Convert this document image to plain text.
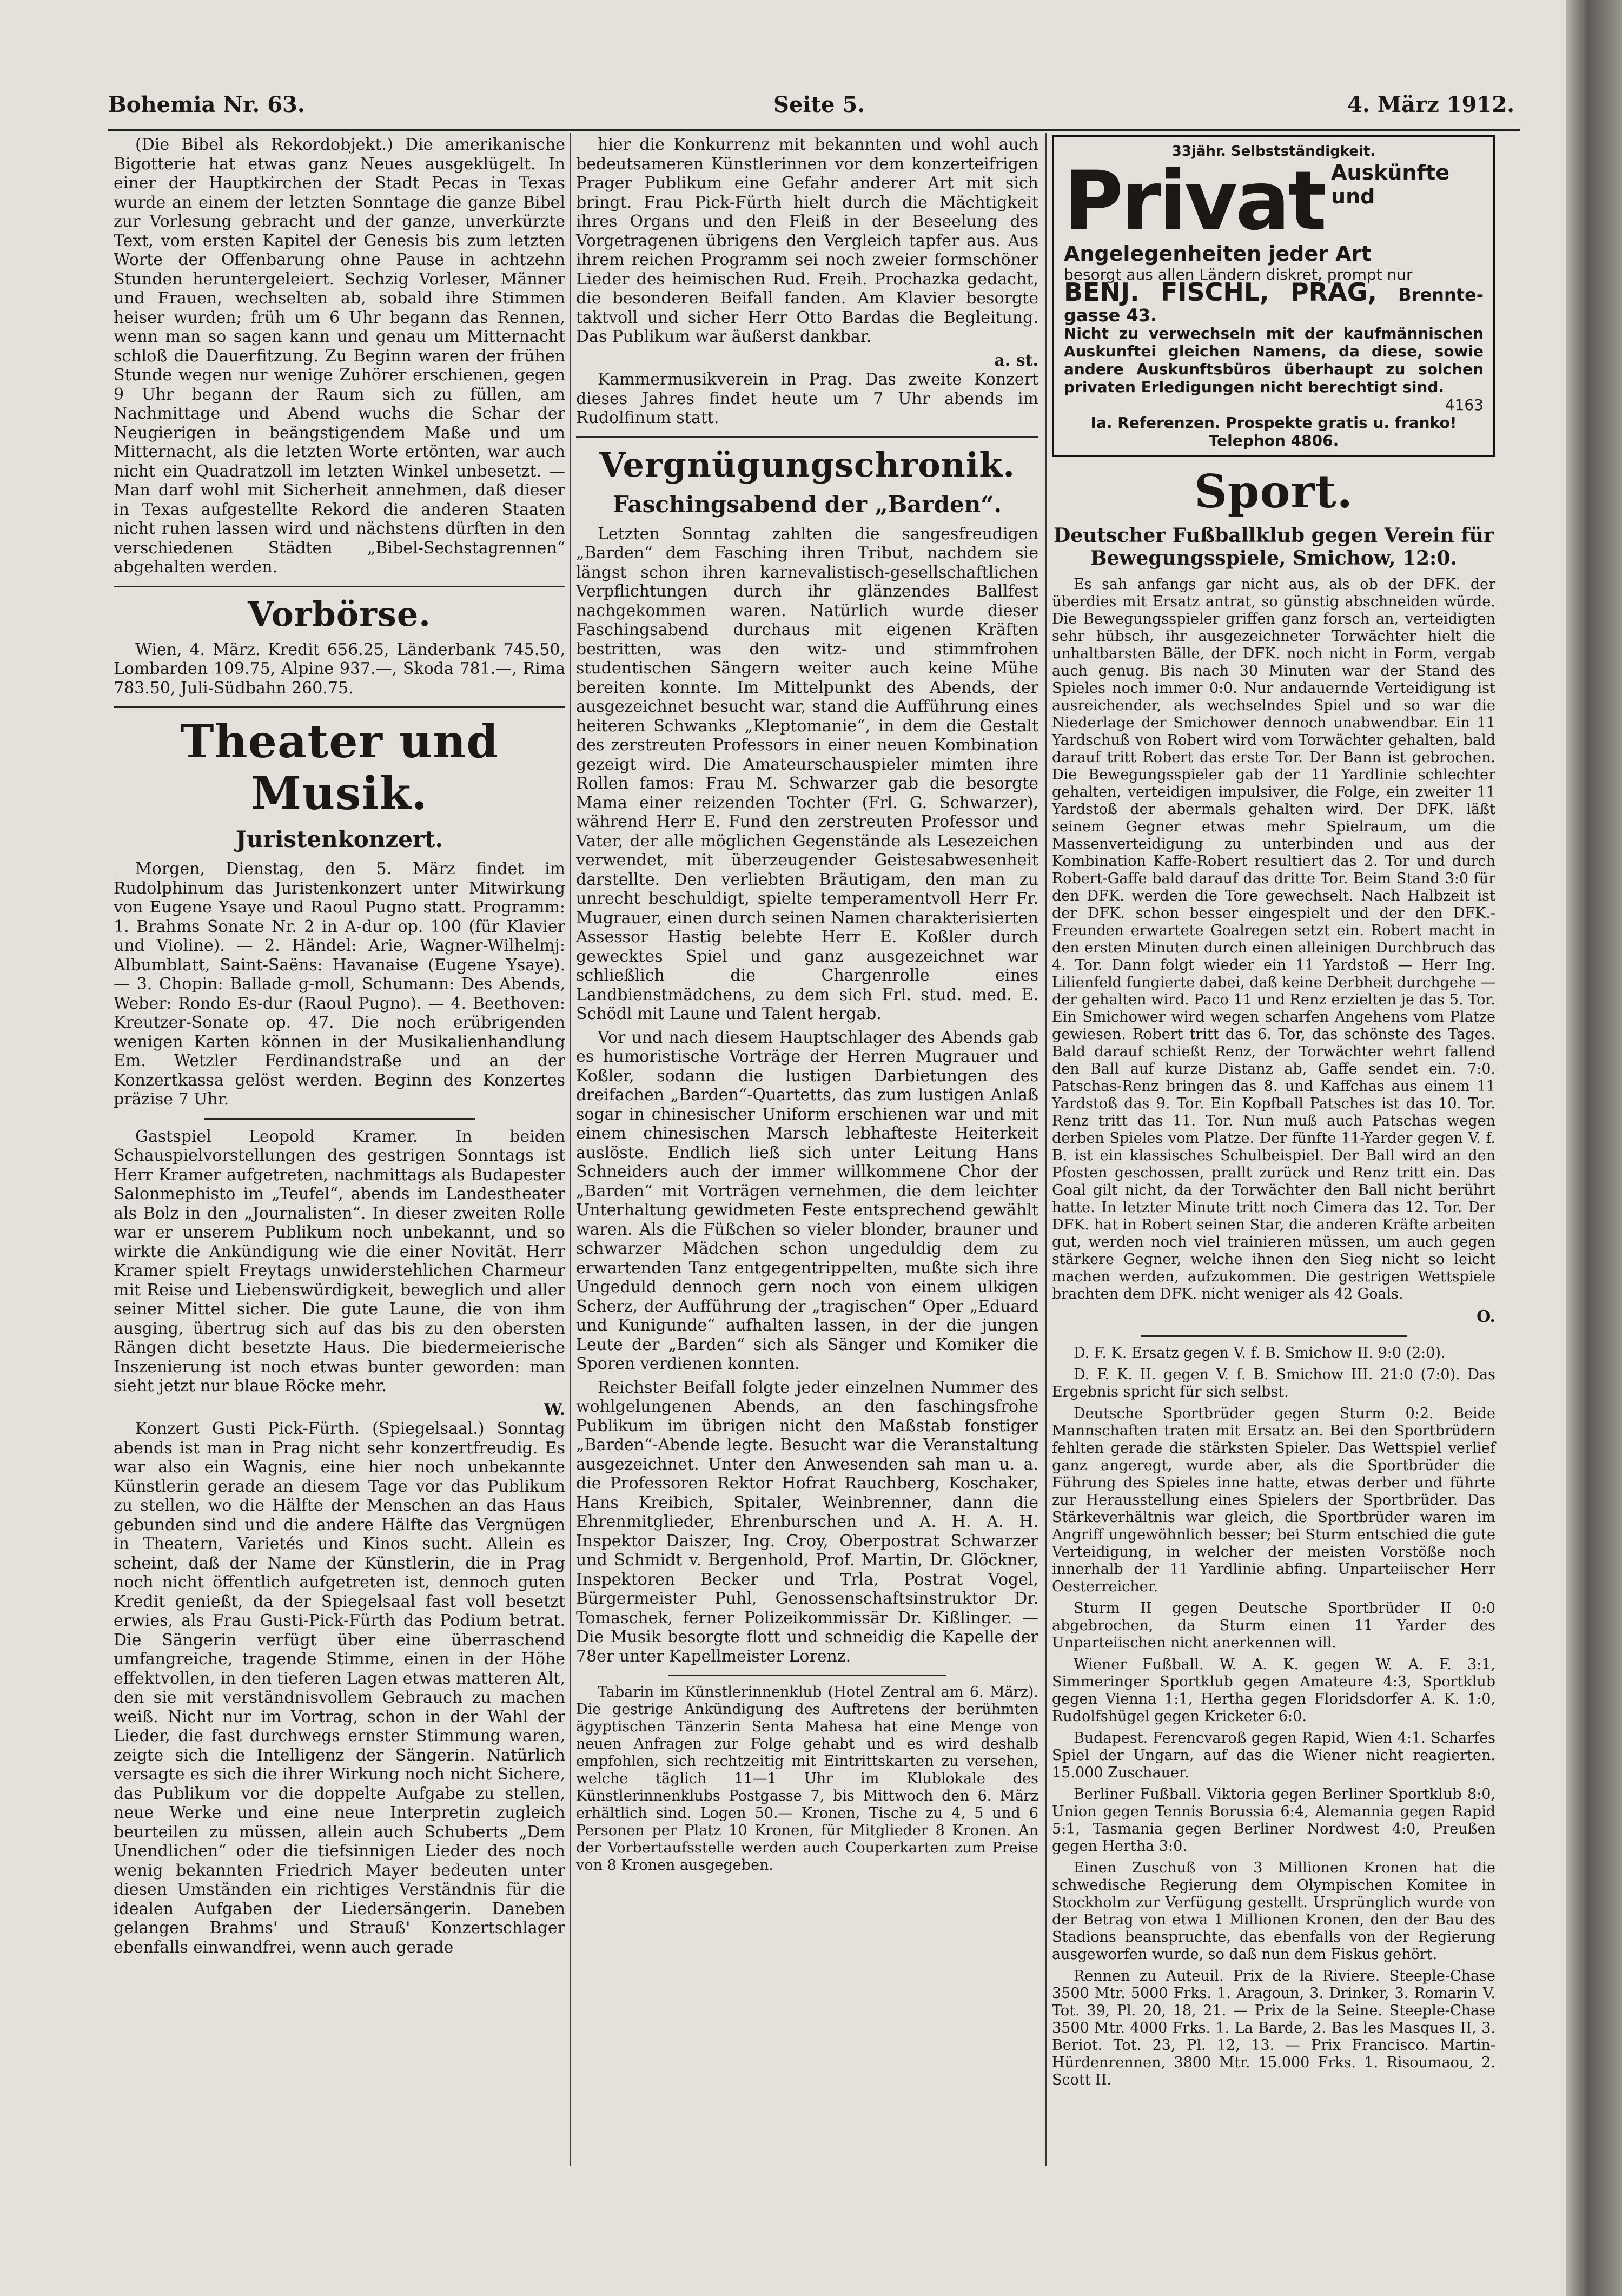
Bohemia Nr. 63.	Seite 5.	4. März 1912.

(Die Bibel als Rekordobjekt.) Die amerikanische Bigotterie hat etwas ganz Neues ausgeklügelt. In einer der Hauptkirchen der Stadt Pecas in Texas wurde an einem der letzten Sonntage die ganze Bibel zur Vorlesung gebracht und der ganze, unverkürzte Text, vom ersten Kapitel der Genesis bis zum letzten Worte der Offenbarung ohne Pause in achtzehn Stunden heruntergeleiert. Sechzig Vorleser, Männer und Frauen, wechselten ab, sobald ihre Stimmen heiser wurden; früh um 6 Uhr begann das Rennen, wenn man so sagen kann und genau um Mitternacht schloß die Dauerfitzung. Zu Beginn waren der frühen Stunde wegen nur wenige Zuhörer erschienen, gegen 9 Uhr begann der Raum sich zu füllen, am Nachmittage und Abend wuchs die Schar der Neugierigen in beängstigendem Maße und um Mitternacht, als die letzten Worte ertönten, war auch nicht ein Quadratzoll im letzten Winkel unbesetzt. — Man darf wohl mit Sicherheit annehmen, daß dieser in Texas aufgestellte Rekord die anderen Staaten nicht ruhen lassen wird und nächstens dürften in den verschiedenen Städten „Bibel-Sechstagrennen“ abgehalten werden.

Vorbörse.

Wien, 4. März. Kredit 656.25, Länderbank 745.50, Lombarden 109.75, Alpine 937.—, Skoda 781.—, Rima 783.50, Juli-Südbahn 260.75.

Theater und Musik.
Juristenkonzert.

Morgen, Dienstag, den 5. März findet im Rudolphinum das Juristenkonzert unter Mitwirkung von Eugene Ysaye und Raoul Pugno statt. Programm: 1. Brahms Sonate Nr. 2 in A-dur op. 100 (für Klavier und Violine). — 2. Händel: Arie, Wagner-Wilhelmj: Albumblatt, Saint-Saëns: Havanaise (Eugene Ysaye). — 3. Chopin: Ballade g-moll, Schumann: Des Abends, Weber: Rondo Es-dur (Raoul Pugno). — 4. Beethoven: Kreutzer-Sonate op. 47. Die noch erübrigenden wenigen Karten können in der Musikalienhandlung Em. Wetzler Ferdinandstraße und an der Konzertkassa gelöst werden. Beginn des Konzertes präzise 7 Uhr.

Gastspiel Leopold Kramer. In beiden Schauspielvorstellungen des gestrigen Sonntags ist Herr Kramer aufgetreten, nachmittags als Budapester Salonmephisto im „Teufel“, abends im Landestheater als Bolz in den „Journalisten“. In dieser zweiten Rolle war er unserem Publikum noch unbekannt, und so wirkte die Ankündigung wie die einer Novität. Herr Kramer spielt Freytags unwiderstehlichen Charmeur mit Reise und Liebenswürdigkeit, beweglich und aller seiner Mittel sicher. Die gute Laune, die von ihm ausging, übertrug sich auf das bis zu den obersten Rängen dicht besetzte Haus. Die biedermeierische Inszenierung ist noch etwas bunter geworden: man sieht jetzt nur blaue Röcke mehr.

W.

Konzert Gusti Pick-Fürth. (Spiegelsaal.) Sonntag abends ist man in Prag nicht sehr konzertfreudig. Es war also ein Wagnis, eine hier noch unbekannte Künstlerin gerade an diesem Tage vor das Publikum zu stellen, wo die Hälfte der Menschen an das Haus gebunden sind und die andere Hälfte das Vergnügen in Theatern, Varietés und Kinos sucht. Allein es scheint, daß der Name der Künstlerin, die in Prag noch nicht öffentlich aufgetreten ist, dennoch guten Kredit genießt, da der Spiegelsaal fast voll besetzt erwies, als Frau Gusti-Pick-Fürth das Podium betrat. Die Sängerin verfügt über eine überraschend umfangreiche, tragende Stimme, einen in der Höhe effektvollen, in den tieferen Lagen etwas matteren Alt, den sie mit verständnisvollem Gebrauch zu machen weiß. Nicht nur im Vortrag, schon in der Wahl der Lieder, die fast durchwegs ernster Stimmung waren, zeigte sich die Intelligenz der Sängerin. Natürlich versagte es sich die ihrer Wirkung noch nicht Sichere, das Publikum vor die doppelte Aufgabe zu stellen, neue Werke und eine neue Interpretin zugleich beurteilen zu müssen, allein auch Schuberts „Dem Unendlichen“ oder die tiefsinnigen Lieder des noch wenig bekannten Friedrich Mayer bedeuten unter diesen Umständen ein richtiges Verständnis für die idealen Aufgaben der Liedersängerin. Daneben gelangen Brahms' und Strauß' Konzertschlager ebenfalls einwandfrei, wenn auch gerade

hier die Konkurrenz mit bekannten und wohl auch bedeutsameren Künstlerinnen vor dem konzerteifrigen Prager Publikum eine Gefahr anderer Art mit sich bringt. Frau Pick-Fürth hielt durch die Mächtigkeit ihres Organs und den Fleiß in der Beseelung des Vorgetragenen übrigens den Vergleich tapfer aus. Aus ihrem reichen Programm sei noch zweier formschöner Lieder des heimischen Rud. Freih. Prochazka gedacht, die besonderen Beifall fanden. Am Klavier besorgte taktvoll und sicher Herr Otto Bardas die Begleitung. Das Publikum war äußerst dankbar.

a. st.

Kammermusikverein in Prag. Das zweite Konzert dieses Jahres findet heute um 7 Uhr abends im Rudolfinum statt.

Vergnügungschronik.
Faschingsabend der „Barden“.

Letzten Sonntag zahlten die sangesfreudigen „Barden“ dem Fasching ihren Tribut, nachdem sie längst schon ihren karnevalistisch-gesellschaftlichen Verpflichtungen durch ihr glänzendes Ballfest nachgekommen waren. Natürlich wurde dieser Faschingsabend durchaus mit eigenen Kräften bestritten, was den witz- und stimmfrohen studentischen Sängern weiter auch keine Mühe bereiten konnte. Im Mittelpunkt des Abends, der ausgezeichnet besucht war, stand die Aufführung eines heiteren Schwanks „Kleptomanie“, in dem die Gestalt des zerstreuten Professors in einer neuen Kombination gezeigt wird. Die Amateurschauspieler mimten ihre Rollen famos: Frau M. Schwarzer gab die besorgte Mama einer reizenden Tochter (Frl. G. Schwarzer), während Herr E. Fund den zerstreuten Professor und Vater, der alle möglichen Gegenstände als Lesezeichen verwendet, mit überzeugender Geistesabwesenheit darstellte. Den verliebten Bräutigam, den man zu unrecht beschuldigt, spielte temperamentvoll Herr Fr. Mugrauer, einen durch seinen Namen charakterisierten Assessor Hastig belebte Herr E. Koßler durch gewecktes Spiel und ganz ausgezeichnet war schließlich die Chargenrolle eines Landbienstmädchens, zu dem sich Frl. stud. med. E. Schödl mit Laune und Talent hergab.

Vor und nach diesem Hauptschlager des Abends gab es humoristische Vorträge der Herren Mugrauer und Koßler, sodann die lustigen Darbietungen des dreifachen „Barden“-Quartetts, das zum lustigen Anlaß sogar in chinesischer Uniform erschienen war und mit einem chinesischen Marsch lebhafteste Heiterkeit auslöste. Endlich ließ sich unter Leitung Hans Schneiders auch der immer willkommene Chor der „Barden“ mit Vorträgen vernehmen, die dem leichter Unterhaltung gewidmeten Feste entsprechend gewählt waren. Als die Füßchen so vieler blonder, brauner und schwarzer Mädchen schon ungeduldig dem zu erwartenden Tanz entgegentrippelten, mußte sich ihre Ungeduld dennoch gern noch von einem ulkigen Scherz, der Aufführung der „tragischen“ Oper „Eduard und Kunigunde“ aufhalten lassen, in der die jungen Leute der „Barden“ sich als Sänger und Komiker die Sporen verdienen konnten.

Reichster Beifall folgte jeder einzelnen Nummer des wohlgelungenen Abends, an den faschingsfrohe Publikum im übrigen nicht den Maßstab fonstiger „Barden“-Abende legte. Besucht war die Veranstaltung ausgezeichnet. Unter den Anwesenden sah man u. a. die Professoren Rektor Hofrat Rauchberg, Koschaker, Hans Kreibich, Spitaler, Weinbrenner, dann die Ehrenmitglieder, Ehrenburschen und A. H. A. H. Inspektor Daiszer, Ing. Croy, Oberpostrat Schwarzer und Schmidt v. Bergenhold, Prof. Martin, Dr. Glöckner, Inspektoren Becker und Trla, Postrat Vogel, Bürgermeister Puhl, Genossenschaftsinstruktor Dr. Tomaschek, ferner Polizeikommissär Dr. Kißlinger. — Die Musik besorgte flott und schneidig die Kapelle der 78er unter Kapellmeister Lorenz.

Tabarin im Künstlerinnenklub (Hotel Zentral am 6. März). Die gestrige Ankündigung des Auftretens der berühmten ägyptischen Tänzerin Senta Mahesa hat eine Menge von neuen Anfragen zur Folge gehabt und es wird deshalb empfohlen, sich rechtzeitig mit Eintrittskarten zu versehen, welche täglich 11—1 Uhr im Klublokale des Künstlerinnenklubs Postgasse 7, bis Mittwoch den 6. März erhältlich sind. Logen 50.— Kronen, Tische zu 4, 5 und 6 Personen per Platz 10 Kronen, für Mitglieder 8 Kronen. An der Vorbertaufsstelle werden auch Couperkarten zum Preise von 8 Kronen ausgegeben.

33jähr. Selbstständigkeit.
Privat Auskünfte und Angelegenheiten jeder Art
besorgt aus allen Ländern diskret, prompt nur
BENJ. FISCHL, PRAG, Brennte- gasse 43.
Nicht zu verwechseln mit der kaufmännischen Auskunftei gleichen Namens, da diese, sowie andere Auskunftsbüros überhaupt zu solchen privaten Erledigungen nicht berechtigt sind.
4163
Ia. Referenzen. Prospekte gratis u. franko! Telephon 4806.
Sport.
Deutscher Fußballklub gegen Verein für Bewegungsspiele, Smichow, 12:0.

Es sah anfangs gar nicht aus, als ob der DFK. der überdies mit Ersatz antrat, so günstig abschneiden würde. Die Bewegungsspieler griffen ganz forsch an, verteidigten sehr hübsch, ihr ausgezeichneter Torwächter hielt die unhaltbarsten Bälle, der DFK. noch nicht in Form, vergab auch genug. Bis nach 30 Minuten war der Stand des Spieles noch immer 0:0. Nur andauernde Verteidigung ist ausreichender, als wechselndes Spiel und so war die Niederlage der Smichower dennoch unabwendbar. Ein 11 Yardschuß von Robert wird vom Torwächter gehalten, bald darauf tritt Robert das erste Tor. Der Bann ist gebrochen. Die Bewegungsspieler gab der 11 Yardlinie schlechter gehalten, verteidigen impulsiver, die Folge, ein zweiter 11 Yardstoß der abermals gehalten wird. Der DFK. läßt seinem Gegner etwas mehr Spielraum, um die Massenverteidigung zu unterbinden und aus der Kombination Kaffe-Robert resultiert das 2. Tor und durch Robert-Gaffe bald darauf das dritte Tor. Beim Stand 3:0 für den DFK. werden die Tore gewechselt. Nach Halbzeit ist der DFK. schon besser eingespielt und der den DFK.-Freunden erwartete Goalregen setzt ein. Robert macht in den ersten Minuten durch einen alleinigen Durchbruch das 4. Tor. Dann folgt wieder ein 11 Yardstoß — Herr Ing. Lilienfeld fungierte dabei, daß keine Derbheit durchgehe — der gehalten wird. Paco 11 und Renz erzielten je das 5. Tor. Ein Smichower wird wegen scharfen Angehens vom Platze gewiesen. Robert tritt das 6. Tor, das schönste des Tages. Bald darauf schießt Renz, der Torwächter wehrt fallend den Ball auf kurze Distanz ab, Gaffe sendet ein. 7:0. Patschas-Renz bringen das 8. und Kaffchas aus einem 11 Yardstoß das 9. Tor. Ein Kopfball Patsches ist das 10. Tor. Renz tritt das 11. Tor. Nun muß auch Patschas wegen derben Spieles vom Platze. Der fünfte 11-Yarder gegen V. f. B. ist ein klassisches Schulbeispiel. Der Ball wird an den Pfosten geschossen, prallt zurück und Renz tritt ein. Das Goal gilt nicht, da der Torwächter den Ball nicht berührt hatte. In letzter Minute tritt noch Cimera das 12. Tor. Der DFK. hat in Robert seinen Star, die anderen Kräfte arbeiten gut, werden noch viel trainieren müssen, um auch gegen stärkere Gegner, welche ihnen den Sieg nicht so leicht machen werden, aufzukommen. Die gestrigen Wettspiele brachten dem DFK. nicht weniger als 42 Goals.

O.

D. F. K. Ersatz gegen V. f. B. Smichow II. 9:0 (2:0).

D. F. K. II. gegen V. f. B. Smichow III. 21:0 (7:0). Das Ergebnis spricht für sich selbst.

Deutsche Sportbrüder gegen Sturm 0:2. Beide Mannschaften traten mit Ersatz an. Bei den Sportbrüdern fehlten gerade die stärksten Spieler. Das Wettspiel verlief ganz angeregt, wurde aber, als die Sportbrüder die Führung des Spieles inne hatte, etwas derber und führte zur Herausstellung eines Spielers der Sportbrüder. Das Stärkeverhältnis war gleich, die Sportbrüder waren im Angriff ungewöhnlich besser; bei Sturm entschied die gute Verteidigung, in welcher der meisten Vorstöße noch innerhalb der 11 Yardlinie abfing. Unparteiischer Herr Oesterreicher.

Sturm II gegen Deutsche Sportbrüder II 0:0 abgebrochen, da Sturm einen 11 Yarder des Unparteiischen nicht anerkennen will.

Wiener Fußball. W. A. K. gegen W. A. F. 3:1, Simmeringer Sportklub gegen Amateure 4:3, Sportklub gegen Vienna 1:1, Hertha gegen Floridsdorfer A. K. 1:0, Rudolfshügel gegen Kricketer 6:0.

Budapest. Ferencvaroß gegen Rapid, Wien 4:1. Scharfes Spiel der Ungarn, auf das die Wiener nicht reagierten. 15.000 Zuschauer.

Berliner Fußball. Viktoria gegen Berliner Sportklub 8:0, Union gegen Tennis Borussia 6:4, Alemannia gegen Rapid 5:1, Tasmania gegen Berliner Nordwest 4:0, Preußen gegen Hertha 3:0.

Einen Zuschuß von 3 Millionen Kronen hat die schwedische Regierung dem Olympischen Komitee in Stockholm zur Verfügung gestellt. Ursprünglich wurde von der Betrag von etwa 1 Millionen Kronen, den der Bau des Stadions beanspruchte, das ebenfalls von der Regierung ausgeworfen wurde, so daß nun dem Fiskus gehört.

Rennen zu Auteuil. Prix de la Riviere. Steeple-Chase 3500 Mtr. 5000 Frks. 1. Aragoun, 3. Drinker, 3. Romarin V. Tot. 39, Pl. 20, 18, 21. — Prix de la Seine. Steeple-Chase 3500 Mtr. 4000 Frks. 1. La Barde, 2. Bas les Masques II, 3. Beriot. Tot. 23, Pl. 12, 13. — Prix Francisco. Martin-Hürdenrennen, 3800 Mtr. 15.000 Frks. 1. Risoumaou, 2. Scott II.
